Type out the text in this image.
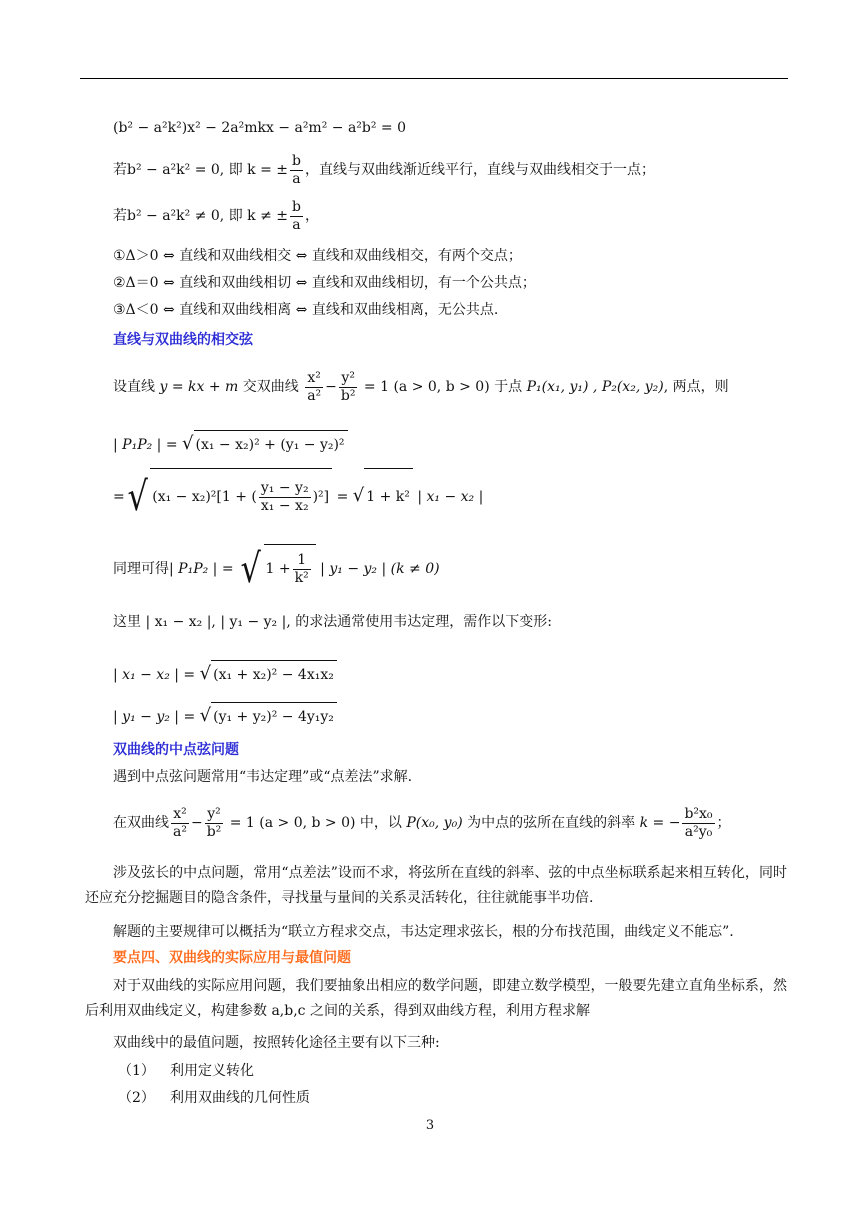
(b² − a²k²)x² − 2a²mkx − a²m² − a²b² = 0
若b² − a²k² = 0, 即 k = ± $\frac{b}{a}$ ，直线与双曲线渐近线平行，直线与双曲线相交于一点；
若b² − a²k² ≠ 0, 即 k ≠ ± $\frac{b}{a}$ ，
①Δ＞0 ⇔ 直线和双曲线相交 ⇔ 直线和双曲线相交，有两个交点；
②Δ＝0 ⇔ 直线和双曲线相切 ⇔ 直线和双曲线相切，有一个公共点；
③Δ＜0 ⇔ 直线和双曲线相离 ⇔ 直线和双曲线相离，无公共点.
直线与双曲线的相交弦
设直线 y = kx + m 交双曲线 $\frac{\text{x²}}{\text{a²}} - \frac{\text{y²}}{\text{b²}} = 1$ (a > 0, b > 0) 于点 P₁(x₁, y₁) , P₂(x₂, y₂), 两点，则
| P₁P₂ | = √ (x₁ − x₂)² + (y₁ − y₂)²
=√ (x₁ − x₂)²[1 + ( $\frac{\text{y₁ − y₂}}{\text{x₁ − x₂}} )^2$] = √ 1 + k² | x₁ − x₂ |
同理可得| P₁P₂ | = √ $1 + \frac{1}{\text{k²}}$ | y₁ − y₂ | (k ≠ 0)
这里 | x₁ − x₂ |, | y₁ − y₂ |, 的求法通常使用韦达定理，需作以下变形:
| x₁ − x₂ | = √ (x₁ + x₂)² − 4x₁x₂
| y₁ − y₂ | = √ (y₁ + y₂)² − 4y₁y₂
双曲线的中点弦问题
遇到中点弦问题常用“韦达定理”或“点差法”求解.
在双曲线 $\frac{\text{x²}}{\text{a²}} - \frac{\text{y²}}{\text{b²}} = 1$ (a > 0, b > 0) 中，以 P(x₀, y₀) 为中点的弦所在直线的斜率 k = − $\frac{\text{b²x₀}}{\text{a²y₀}}$ ；
涉及弦长的中点问题，常用“点差法”设而不求，将弦所在直线的斜率、弦的中点坐标联系起来相互转化，同时还应充分挖掘题目的隐含条件，寻找量与量间的关系灵活转化，往往就能事半功倍.
解题的主要规律可以概括为“联立方程求交点，韦达定理求弦长，根的分布找范围，曲线定义不能忘”.
要点四、双曲线的实际应用与最值问题
对于双曲线的实际应用问题，我们要抽象出相应的数学问题，即建立数学模型，一般要先建立直角坐标系，然后利用双曲线定义，构建参数 a,b,c 之间的关系，得到双曲线方程，利用方程求解
双曲线中的最值问题，按照转化途径主要有以下三种:
（1） 利用定义转化
（2） 利用双曲线的几何性质
3
